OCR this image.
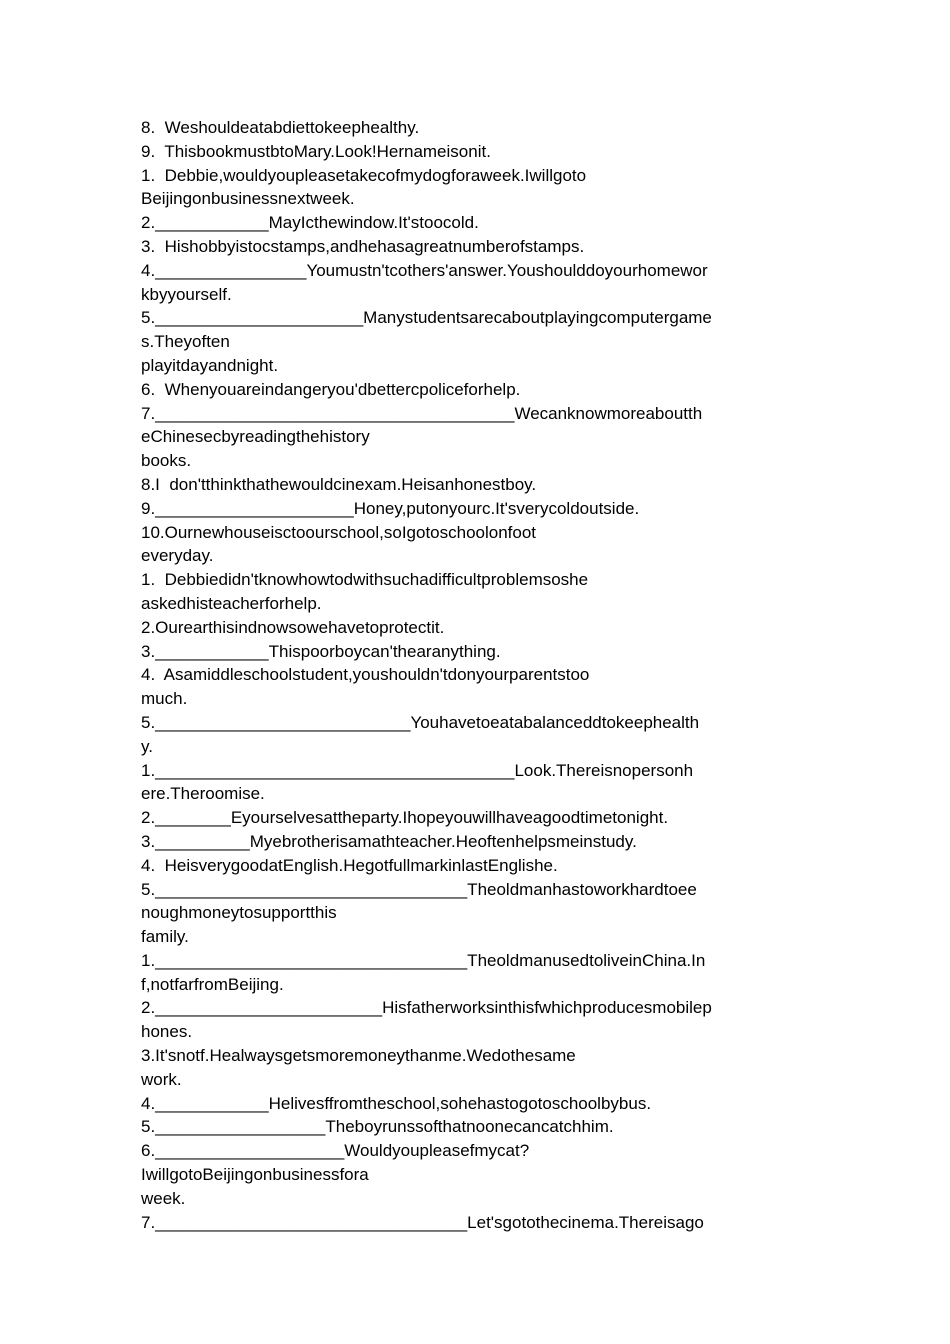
8.  Weshouldeatabdiettokeephealthy.
9.  ThisbookmustbtoMary.Look!Hernameisonit.
1.  Debbie,wouldyoupleasetakecofmydogforaweek.Iwillgoto
Beijingonbusinessnextweek.
2.____________MayIcthewindow.It'stoocold.
3.  Hishobbyistocstamps,andhehasagreatnumberofstamps.
4.________________Youmustn'tcothers'answer.Youshoulddoyourhomewor
kbyyourself.
5.______________________Manystudentsarecaboutplayingcomputergame
s.Theyoften
playitdayandnight.
6.  Whenyouareindangeryou'dbettercpoliceforhelp.
7.______________________________________Wecanknowmoreaboutth
eChinesecbyreadingthehistory
books.
8.I  don'tthinkthathewouldcinexam.Heisanhonestboy.
9._____________________Honey,putonyourc.It'sverycoldoutside.
10.Ournewhouseisctoourschool,soIgotoschoolonfoot
everyday.
1.  Debbiedidn'tknowhowtodwithsuchadifficultproblemsoshe
askedhisteacherforhelp.
2.Ourearthisindnowsowehavetoprotectit.
3.____________Thispoorboycan'thearanything.
4.  Asamiddleschoolstudent,youshouldn'tdonyourparentstoo
much.
5.___________________________Youhavetoeatabalanceddtokeephealth
y.
1.______________________________________Look.Thereisnopersonh
ere.Theroomise.
2.________Eyourselvesattheparty.Ihopeyouwillhaveagoodtimetonight.
3.__________Myebrotherisamathteacher.Heoftenhelpsmeinstudy.
4.  HeisverygoodatEnglish.HegotfullmarkinlastEnglishe.
5._________________________________Theoldmanhastoworkhardtoee
noughmoneytosupportthis
family.
1._________________________________TheoldmanusedtoliveinChina.In
f,notfarfromBeijing.
2.________________________Hisfatherworksinthisfwhichproducesmobilep
hones.
3.It'snotf.Healwaysgetsmoremoneythanme.Wedothesame
work.
4.____________Helivesffromtheschool,sohehastogotoschoolbybus.
5.__________________Theboyrunssofthatnoonecancatchhim.
6.____________________Wouldyoupleasefmycat?
IwillgotoBeijingonbusinessfora
week.
7._________________________________Let'sgotothecinema.Thereisago
